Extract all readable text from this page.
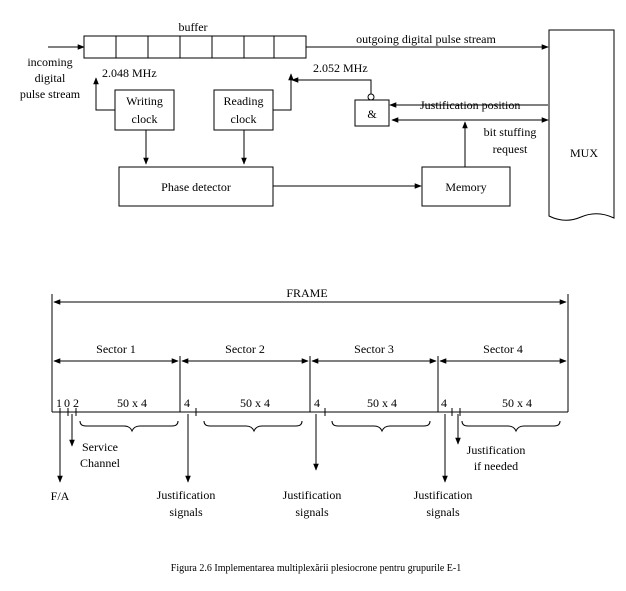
buffer
incoming
digital
pulse stream
outgoing digital pulse stream
Writing
clock
2.048 MHz
Reading
clock
2.052 MHz
&
Justification position
bit stuffing
request
Phase detector	Memory
MUX
FRAME
Sector 1	Sector 2	Sector 3	Sector 4
1 0 2	4	4	4
50 x 4	50 x 4	50 x 4	50 x 4
F/A
Service
Channel
Justification
signals
Justification
signals
Justification
signals
Justification
if needed
Figura 2.6 Implementarea multiplexării plesiocrone pentru grupurile E-1
